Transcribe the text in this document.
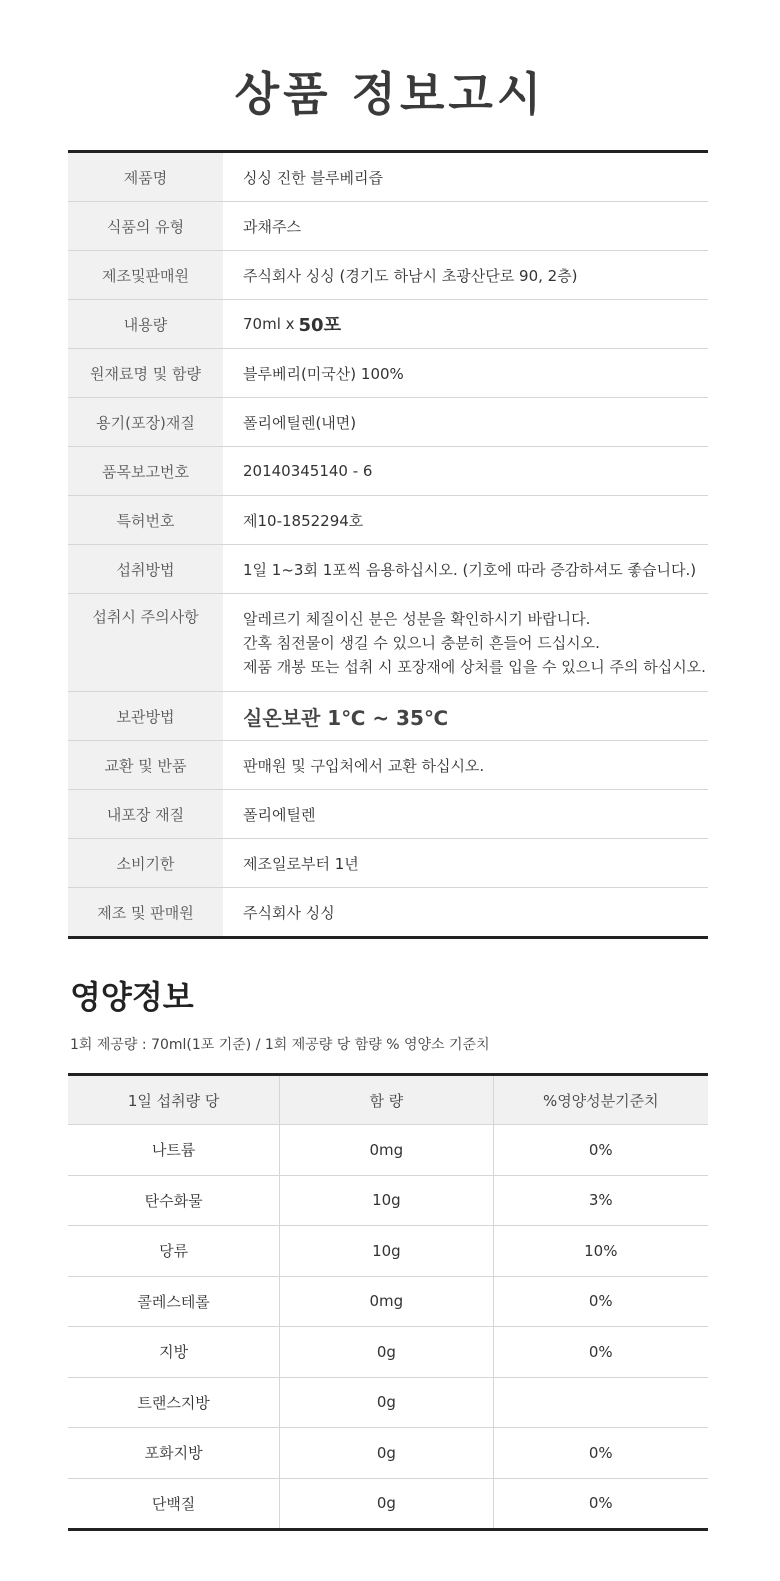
상품 정보고시
제품명	싱싱 진한 블루베리즙
식품의 유형	과채주스
제조및판매원	주식회사 싱싱 (경기도 하남시 초광산단로 90, 2층)
내용량	70ml x 50포
원재료명 및 함량	블루베리(미국산) 100%
용기(포장)재질	폴리에틸렌(내면)
품목보고번호	20140345140 - 6
특허번호	제10-1852294호
섭취방법	1일 1~3회 1포씩 음용하십시오. (기호에 따라 증감하셔도 좋습니다.)
섭취시 주의사항	알레르기 체질이신 분은 성분을 확인하시기 바랍니다.
간혹 침전물이 생길 수 있으니 충분히 흔들어 드십시오.
제품 개봉 또는 섭취 시 포장재에 상처를 입을 수 있으니 주의 하십시오.
보관방법	실온보관 1℃ ~ 35℃
교환 및 반품	판매원 및 구입처에서 교환 하십시오.
내포장 재질	폴리에틸렌
소비기한	제조일로부터 1년
제조 및 판매원	주식회사 싱싱
영양정보
1회 제공량 : 70ml(1포 기준) / 1회 제공량 당 함량 % 영양소 기준치
1일 섭취량 당	함 량	%영양성분기준치
나트륨	0mg	0%
탄수화물	10g	3%
당류	10g	10%
콜레스테롤	0mg	0%
지방	0g	0%
트랜스지방	0g	
포화지방	0g	0%
단백질	0g	0%
